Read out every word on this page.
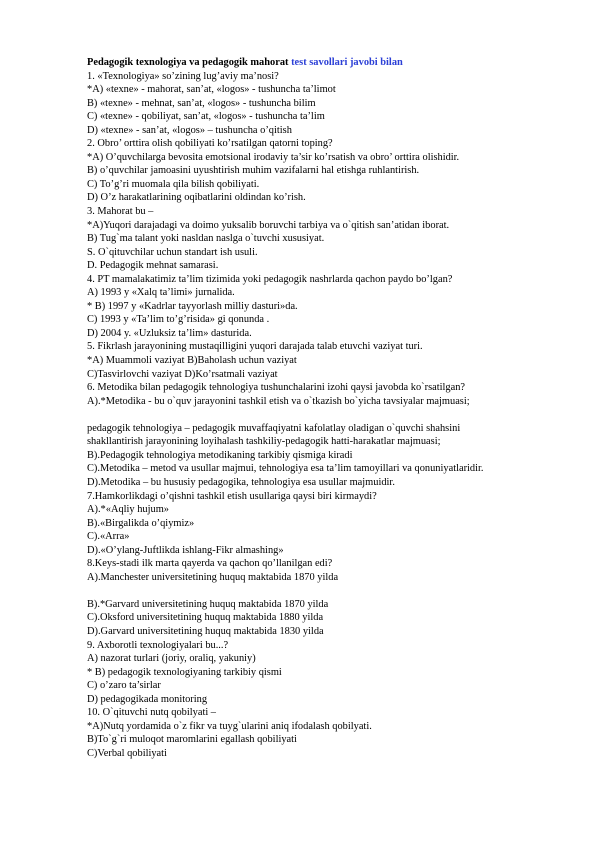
Pedagogik texnologiya va pedagogik mahorat test savollari javobi bilan
1. «Texnologiya» so’zining lug’aviy ma’nosi?
*A) «texne» - mahorat, san’at, «logos» - tushuncha ta’limot
B) «texne» - mehnat, san’at, «logos» - tushuncha bilim
C) «texne» - qobiliyat, san’at, «logos» - tushuncha ta’lim
D) «texne» - san’at, «logos» – tushuncha o’qitish
2. Obro’ orttira olish qobiliyati ko’rsatilgan qatorni toping?
*A) O’quvchilarga bevosita emotsional irodaviy ta’sir ko’rsatish va obro’ orttira olishidir.
B) o’quvchilar jamoasini uyushtirish muhim vazifalarni hal etishga ruhlantirish.
C) To’g’ri muomala qila bilish qobiliyati.
D) O’z harakatlarining oqibatlarini oldindan ko’rish.
3. Mahorat bu –
*A)Yuqori darajadagi va doimo yuksalib boruvchi tarbiya va o`qitish san’atidan iborat.
B) Tug`ma talant yoki nasldan naslga o`tuvchi xususiyat.
S. O`qituvchilar uchun standart ish usuli.
D. Pedagogik mehnat samarasi.
4. PT mamalakatimiz ta’lim tizimida yoki pedagogik nashrlarda qachon paydo bo’lgan?
A) 1993 y «Xalq ta’limi» jurnalida.
* B) 1997 y «Kadrlar tayyorlash milliy dasturi»da.
C) 1993 y «Ta’lim to’g’risida» gi qonunda .
D) 2004 y. «Uzluksiz ta’lim» dasturida.
5. Fikrlash jarayonining mustaqilligini yuqori darajada talab etuvchi vaziyat turi.
*A) Muammoli vaziyat B)Baholash uchun vaziyat
C)Tasvirlovchi vaziyat D)Ko’rsatmali vaziyat
6. Metodika bilan pedagogik tehnologiya tushunchalarini izohi qaysi javobda ko`rsatilgan?
A).*Metodika - bu o`quv jarayonini tashkil etish va o`tkazish bo`yicha tavsiyalar majmuasi;
pedagogik tehnologiya – pedagogik muvaffaqiyatni kafolatlay oladigan o`quvchi shahsini
shakllantirish jarayonining loyihalash tashkiliy-pedagogik hatti-harakatlar majmuasi;
B).Pedagogik tehnologiya metodikaning tarkibiy qismiga kiradi
C).Metodika – metod va usullar majmui, tehnologiya esa ta’lim tamoyillari va qonuniyatlaridir.
D).Metodika – bu hususiy pedagogika, tehnologiya esa usullar majmuidir.
7.Hamkorlikdagi o’qishni tashkil etish usullariga qaysi biri kirmaydi?
A).*«Aqliy hujum»
B).«Birgalikda o’qiymiz»
C).«Arra»
D).«O’ylang-Juftlikda ishlang-Fikr almashing»
8.Keys-stadi ilk marta qayerda va qachon qo’llanilgan edi?
A).Manchester universitetining huquq maktabida 1870 yilda
B).*Garvard universitetining huquq maktabida 1870 yilda
C).Oksford universitetining huquq maktabida 1880 yilda
D).Garvard universitetining huquq maktabida 1830 yilda
9. Axborotli texnologiyalari bu...?
A) nazorat turlari (joriy, oraliq, yakuniy)
* B) pedagogik texnologiyaning tarkibiy qismi
C) o’zaro ta’sirlar
D) pedagogikada monitoring
10. O`qituvchi nutq qobilyati –
*A)Nutq yordamida o`z fikr va tuyg`ularini aniq ifodalash qobilyati.
B)To`g`ri muloqot maromlarini egallash qobiliyati
C)Verbal qobiliyati
